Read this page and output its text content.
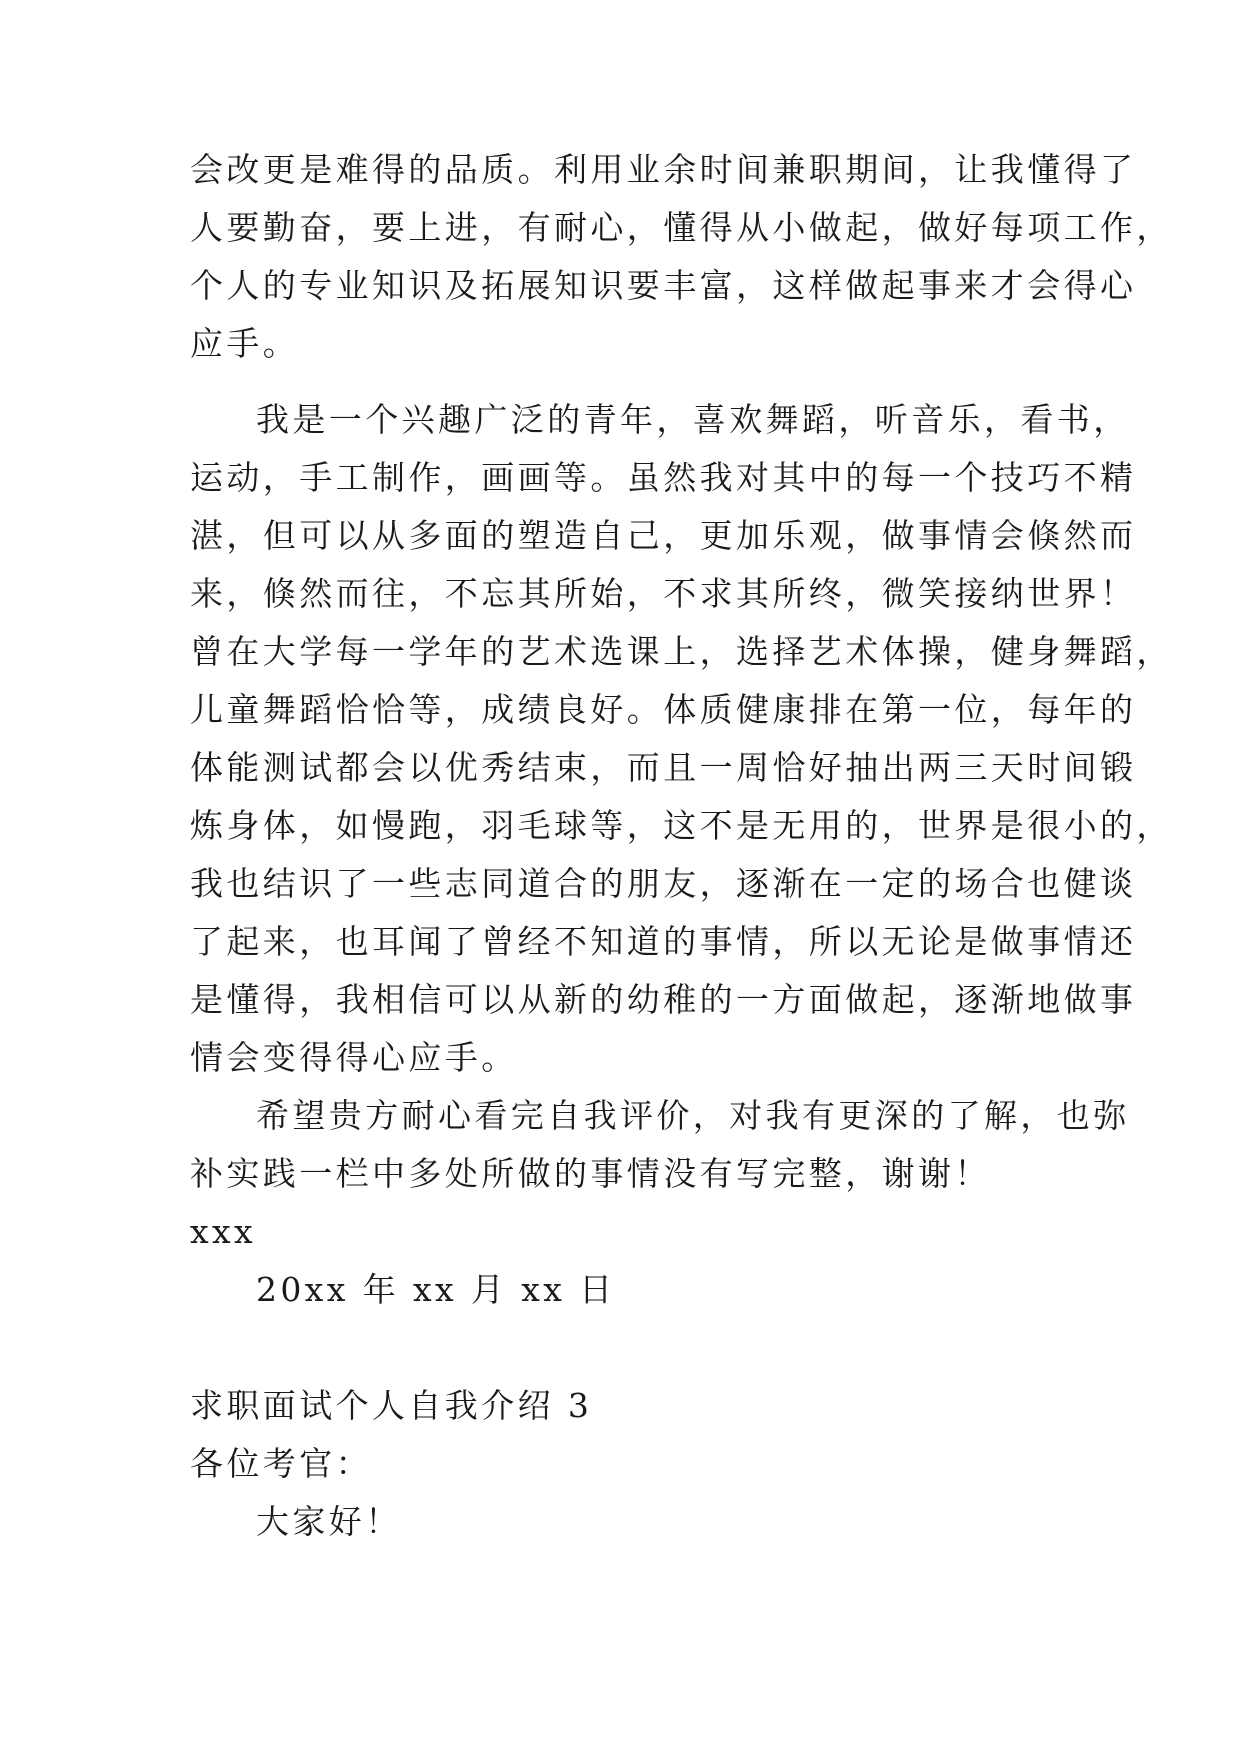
会改更是难得的品质。利用业余时间兼职期间，让我懂得了
人要勤奋，要上进，有耐心，懂得从小做起，做好每项工作，
个人的专业知识及拓展知识要丰富，这样做起事来才会得心
应手。
我是一个兴趣广泛的青年，喜欢舞蹈，听音乐，看书，
运动，手工制作，画画等。虽然我对其中的每一个技巧不精
湛，但可以从多面的塑造自己，更加乐观，做事情会倏然而
来，倏然而往，不忘其所始，不求其所终，微笑接纳世界！
曾在大学每一学年的艺术选课上，选择艺术体操，健身舞蹈，
儿童舞蹈恰恰等，成绩良好。体质健康排在第一位，每年的
体能测试都会以优秀结束，而且一周恰好抽出两三天时间锻
炼身体，如慢跑，羽毛球等，这不是无用的，世界是很小的，
我也结识了一些志同道合的朋友，逐渐在一定的场合也健谈
了起来，也耳闻了曾经不知道的事情，所以无论是做事情还
是懂得，我相信可以从新的幼稚的一方面做起，逐渐地做事
情会变得得心应手。
希望贵方耐心看完自我评价，对我有更深的了解，也弥
补实践一栏中多处所做的事情没有写完整，谢谢！
xxx
20xx 年 xx 月 xx 日
求职面试个人自我介绍 3
各位考官：
大家好！
